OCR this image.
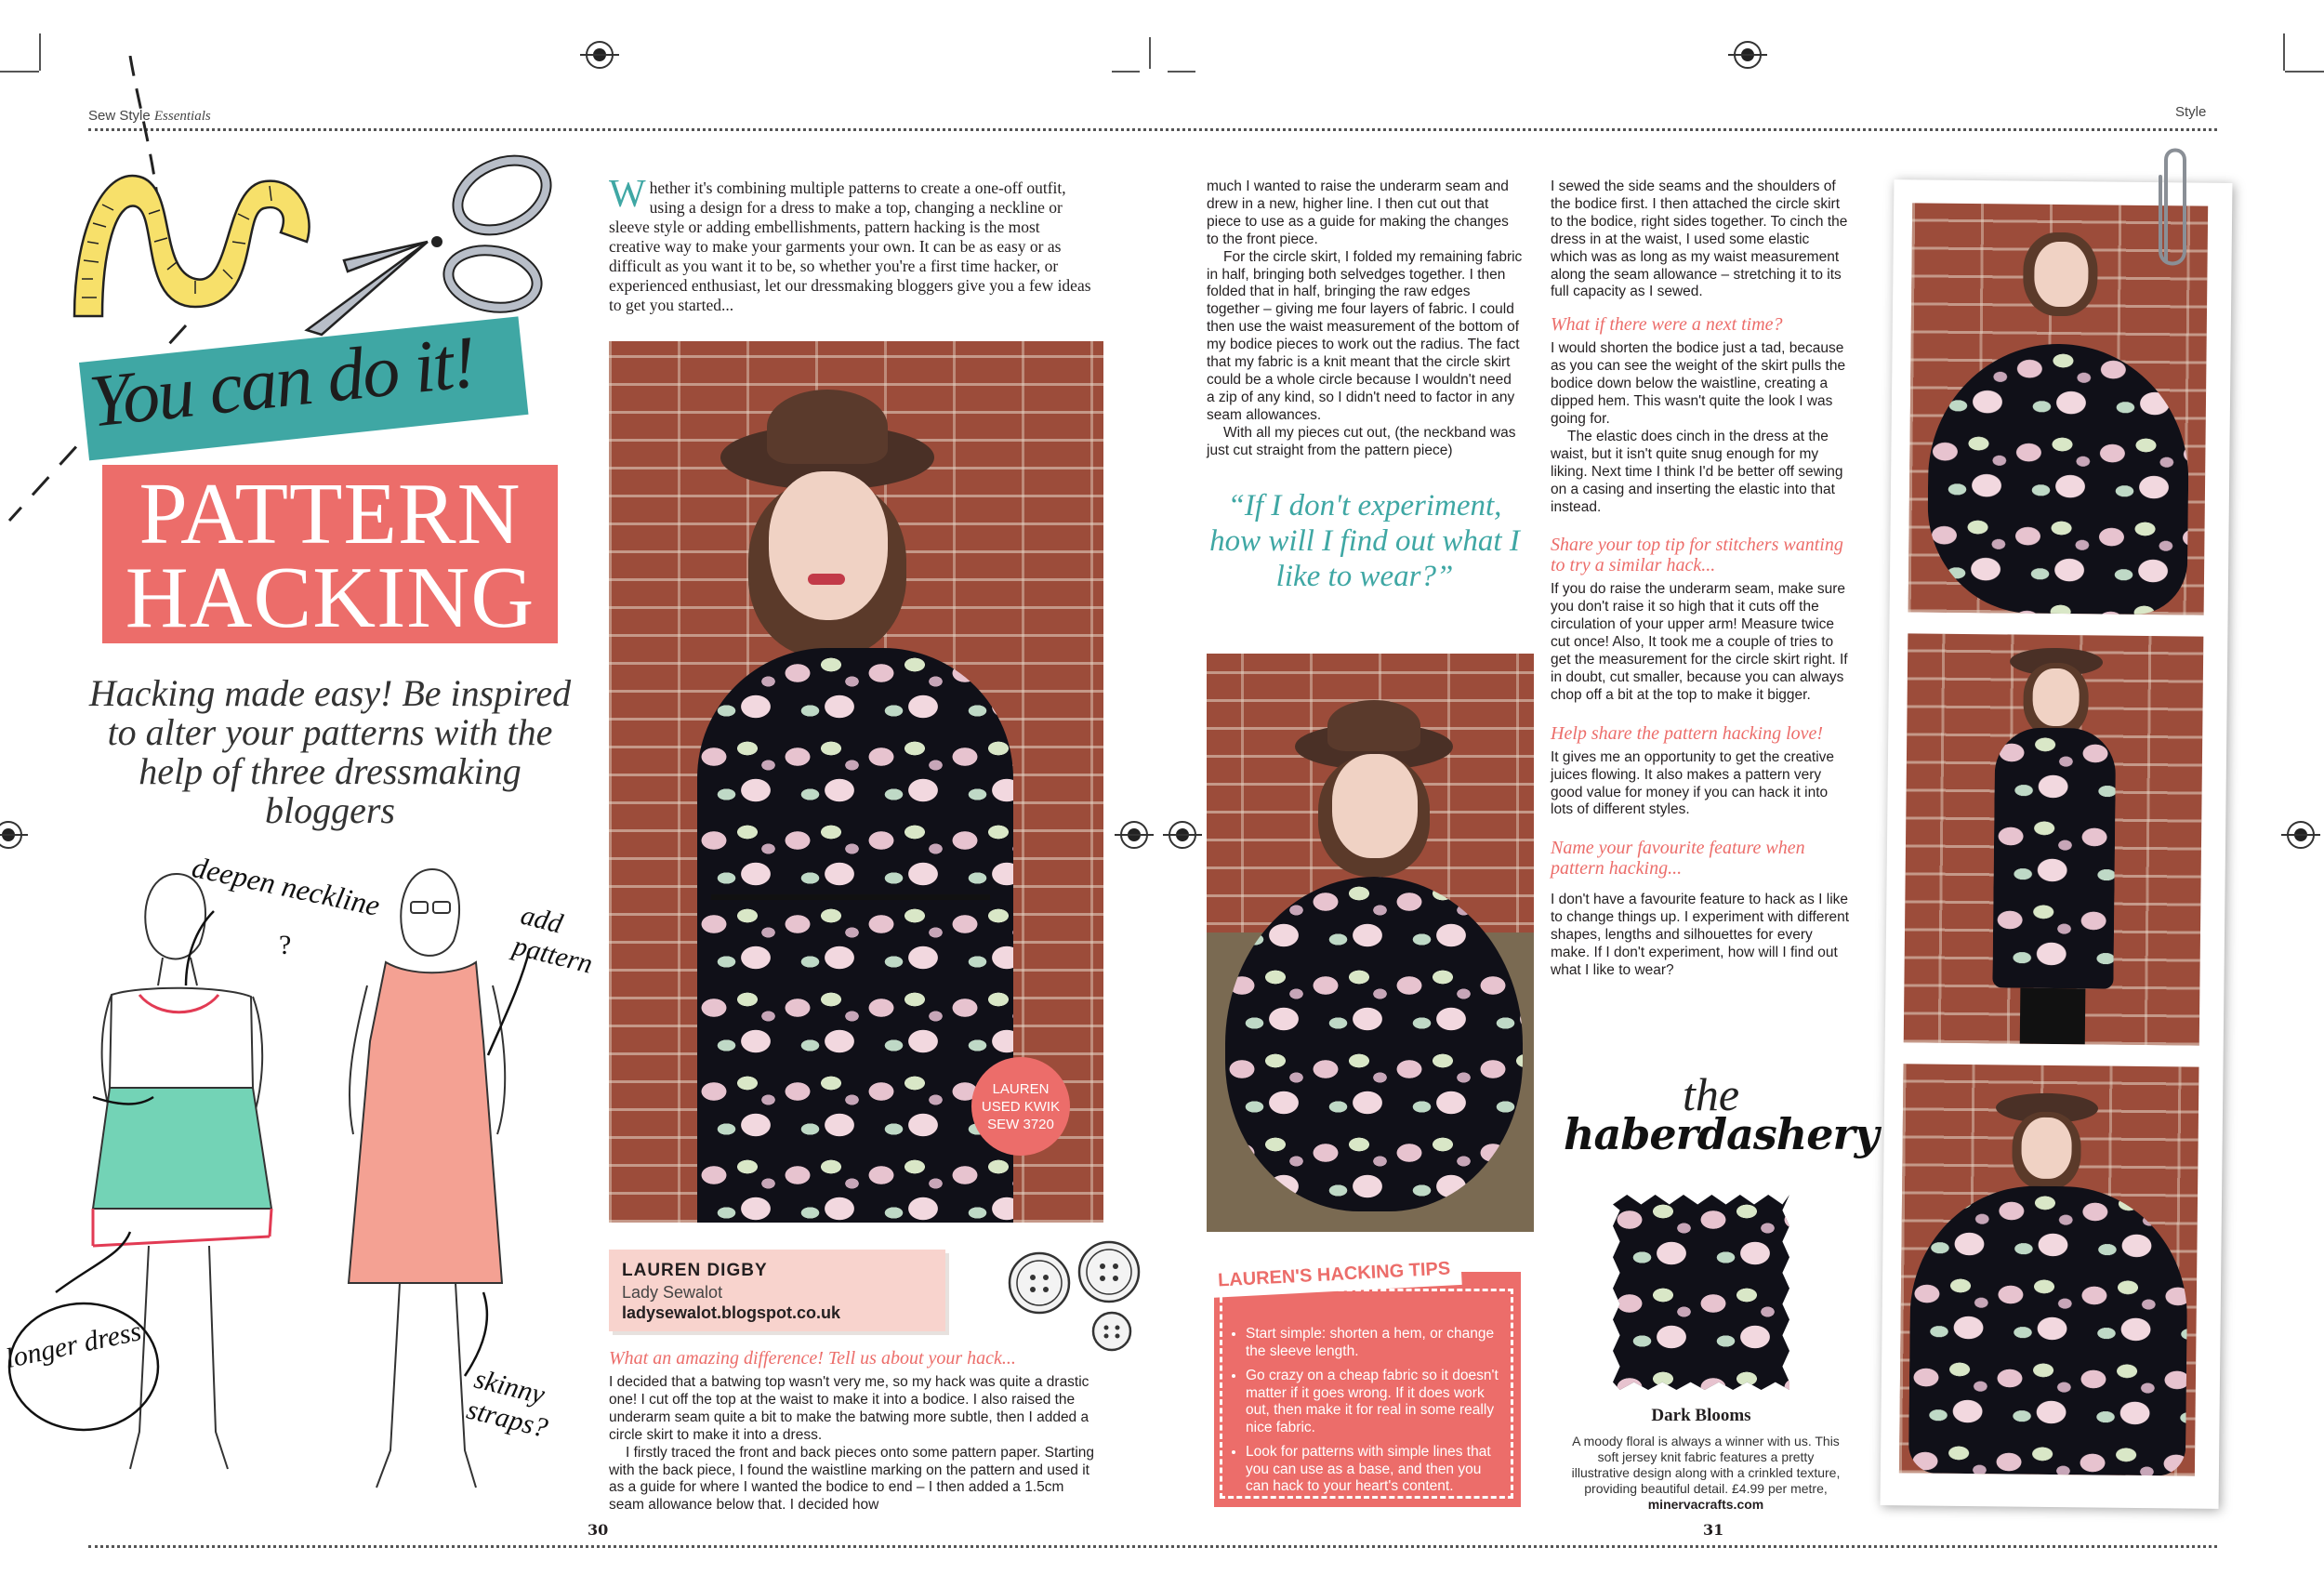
Sew Style Essentials	Style
You can do it!
PATTERN
HACKING
Hacking made easy! Be inspired to alter your patterns with the help of three dressmaking bloggers
deepen neckline
?
add pattern
longer dress
skinny straps?
W hether it's combining multiple patterns to create a one-off outfit, using a design for a dress to make a top, changing a neckline or sleeve style or adding embellishments, pattern hacking is the most creative way to make your garments your own. It can be as easy or as difficult as you want it to be, so whether you're a first time hacker, or experienced enthusiast, let our dressmaking bloggers give you a few ideas to get you started...
LAUREN USED KWIK SEW 3720
LAUREN DIGBY
Lady Sewalot
ladysewalot.blogspot.co.uk
What an amazing difference! Tell us about your hack...

I decided that a batwing top wasn't very me, so my hack was quite a drastic one! I cut off the top at the waist to make it into a bodice. I also raised the underarm seam quite a bit to make the batwing more subtle, then I added a circle skirt to make it into a dress.

I firstly traced the front and back pieces onto some pattern paper. Starting with the back piece, I found the waistline marking on the pattern and used it as a guide for where I wanted the bodice to end – I then added a 1.5cm seam allowance below that. I decided how

30

much I wanted to raise the underarm seam and drew in a new, higher line. I then cut out that piece to use as a guide for making the changes to the front piece.

For the circle skirt, I folded my remaining fabric in half, bringing both selvedges together. I then folded that in half, bringing the raw edges together – giving me four layers of fabric. I could then use the waist measurement of the bottom of my bodice pieces to work out the radius. The fact that my fabric is a knit meant that the circle skirt could be a whole circle because I wouldn't need a zip of any kind, so I didn't need to factor in any seam allowances.

With all my pieces cut out, (the neckband was just cut straight from the pattern piece)

“If I don't experiment, how will I find out what I like to wear?”
LAUREN'S HACKING TIPS
• Start simple: shorten a hem, or change the sleeve length.
• Go crazy on a cheap fabric so it doesn't matter if it goes wrong. If it does work out, then make it for real in some really nice fabric.
• Look for patterns with simple lines that you can use as a base, and then you can hack to your heart's content.

I sewed the side seams and the shoulders of the bodice first. I then attached the circle skirt to the bodice, right sides together. To cinch the dress in at the waist, I used some elastic which was as long as my waist measurement along the seam allowance – stretching it to its full capacity as I sewed.

What if there were a next time?

I would shorten the bodice just a tad, because as you can see the weight of the skirt pulls the bodice down below the waistline, creating a dipped hem. This wasn't quite the look I was going for.

The elastic does cinch in the dress at the waist, but it isn't quite snug enough for my liking. Next time I think I'd be better off sewing on a casing and inserting the elastic into that instead.

Share your top tip for stitchers wanting to try a similar hack...

If you do raise the underarm seam, make sure you don't raise it so high that it cuts off the circulation of your upper arm! Measure twice cut once! Also, It took me a couple of tries to get the measurement for the circle skirt right. If in doubt, cut smaller, because you can always chop off a bit at the top to make it bigger.

Help share the pattern hacking love!

It gives me an opportunity to get the creative juices flowing. It also makes a pattern very good value for money if you can hack it into lots of different styles.

Name your favourite feature when pattern hacking...

I don't have a favourite feature to hack as I like to change things up. I experiment with different shapes, lengths and silhouettes for every make. If I don't experiment, how will I find out what I like to wear?

the
haberdashery
Dark Blooms
A moody floral is always a winner with us. This soft jersey knit fabric features a pretty illustrative design along with a crinkled texture, providing beautiful detail. £4.99 per metre,
minervacrafts.com
31
